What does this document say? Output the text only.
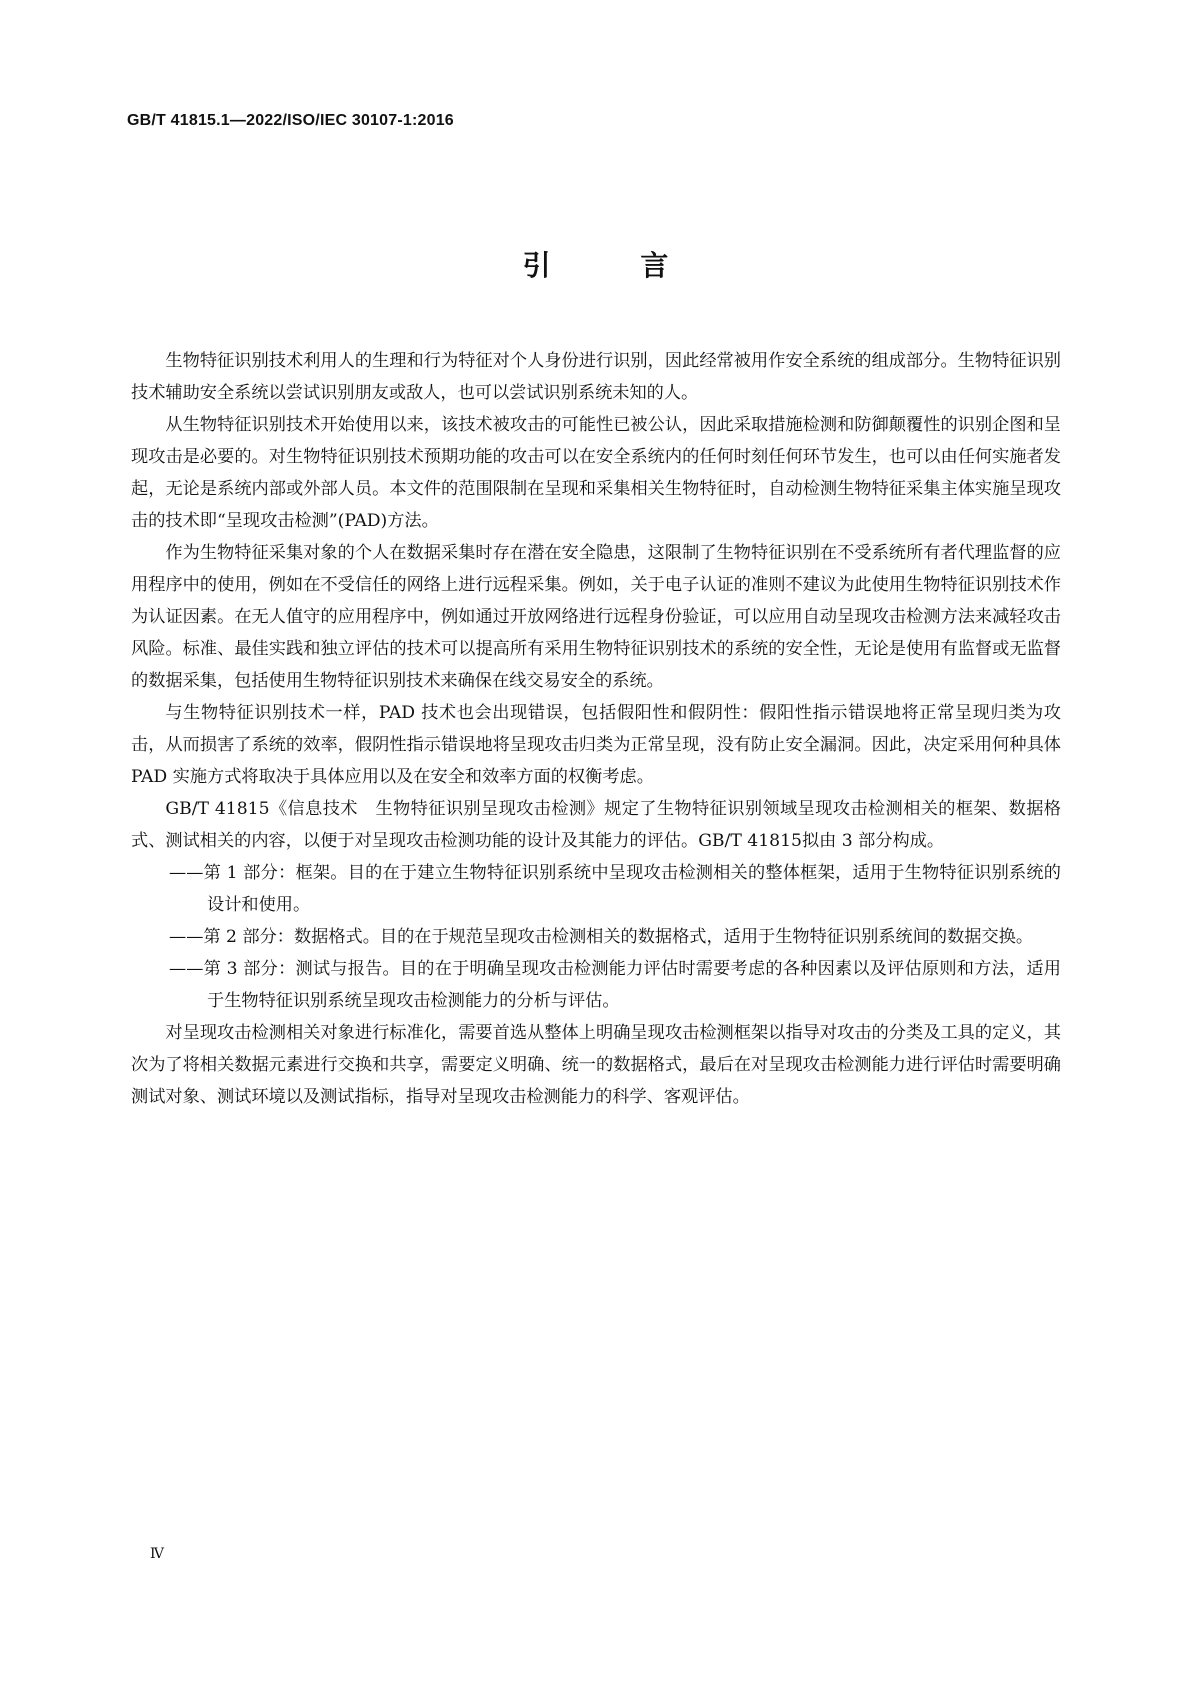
GB/T 41815.1—2022/ISO/IEC 30107-1:2016
引 言

生物特征识别技术利用人的生理和行为特征对个人身份进行识别，因此经常被用作安全系统的组成部分。生物特征识别技术辅助安全系统以尝试识别朋友或敌人，也可以尝试识别系统未知的人。

从生物特征识别技术开始使用以来，该技术被攻击的可能性已被公认，因此采取措施检测和防御颠覆性的识别企图和呈现攻击是必要的。对生物特征识别技术预期功能的攻击可以在安全系统内的任何时刻任何环节发生，也可以由任何实施者发起，无论是系统内部或外部人员。本文件的范围限制在呈现和采集相关生物特征时，自动检测生物特征采集主体实施呈现攻击的技术即“呈现攻击检测”(PAD)方法。

作为生物特征采集对象的个人在数据采集时存在潜在安全隐患，这限制了生物特征识别在不受系统所有者代理监督的应用程序中的使用，例如在不受信任的网络上进行远程采集。例如，关于电子认证的准则不建议为此使用生物特征识别技术作为认证因素。在无人值守的应用程序中，例如通过开放网络进行远程身份验证，可以应用自动呈现攻击检测方法来减轻攻击风险。标准、最佳实践和独立评估的技术可以提高所有采用生物特征识别技术的系统的安全性，无论是使用有监督或无监督的数据采集，包括使用生物特征识别技术来确保在线交易安全的系统。

与生物特征识别技术一样，PAD 技术也会出现错误，包括假阳性和假阴性：假阳性指示错误地将正常呈现归类为攻击，从而损害了系统的效率，假阴性指示错误地将呈现攻击归类为正常呈现，没有防止安全漏洞。因此，决定采用何种具体 PAD 实施方式将取决于具体应用以及在安全和效率方面的权衡考虑。

GB/T 41815《信息技术　生物特征识别呈现攻击检测》规定了生物特征识别领域呈现攻击检测相关的框架、数据格式、测试相关的内容，以便于对呈现攻击检测功能的设计及其能力的评估。GB/T 41815拟由 3 部分构成。

——第 1 部分：框架。目的在于建立生物特征识别系统中呈现攻击检测相关的整体框架，适用于生物特征识别系统的设计和使用。
——第 2 部分：数据格式。目的在于规范呈现攻击检测相关的数据格式，适用于生物特征识别系统间的数据交换。
——第 3 部分：测试与报告。目的在于明确呈现攻击检测能力评估时需要考虑的各种因素以及评估原则和方法，适用于生物特征识别系统呈现攻击检测能力的分析与评估。

对呈现攻击检测相关对象进行标准化，需要首选从整体上明确呈现攻击检测框架以指导对攻击的分类及工具的定义，其次为了将相关数据元素进行交换和共享，需要定义明确、统一的数据格式，最后在对呈现攻击检测能力进行评估时需要明确测试对象、测试环境以及测试指标，指导对呈现攻击检测能力的科学、客观评估。

Ⅳ
